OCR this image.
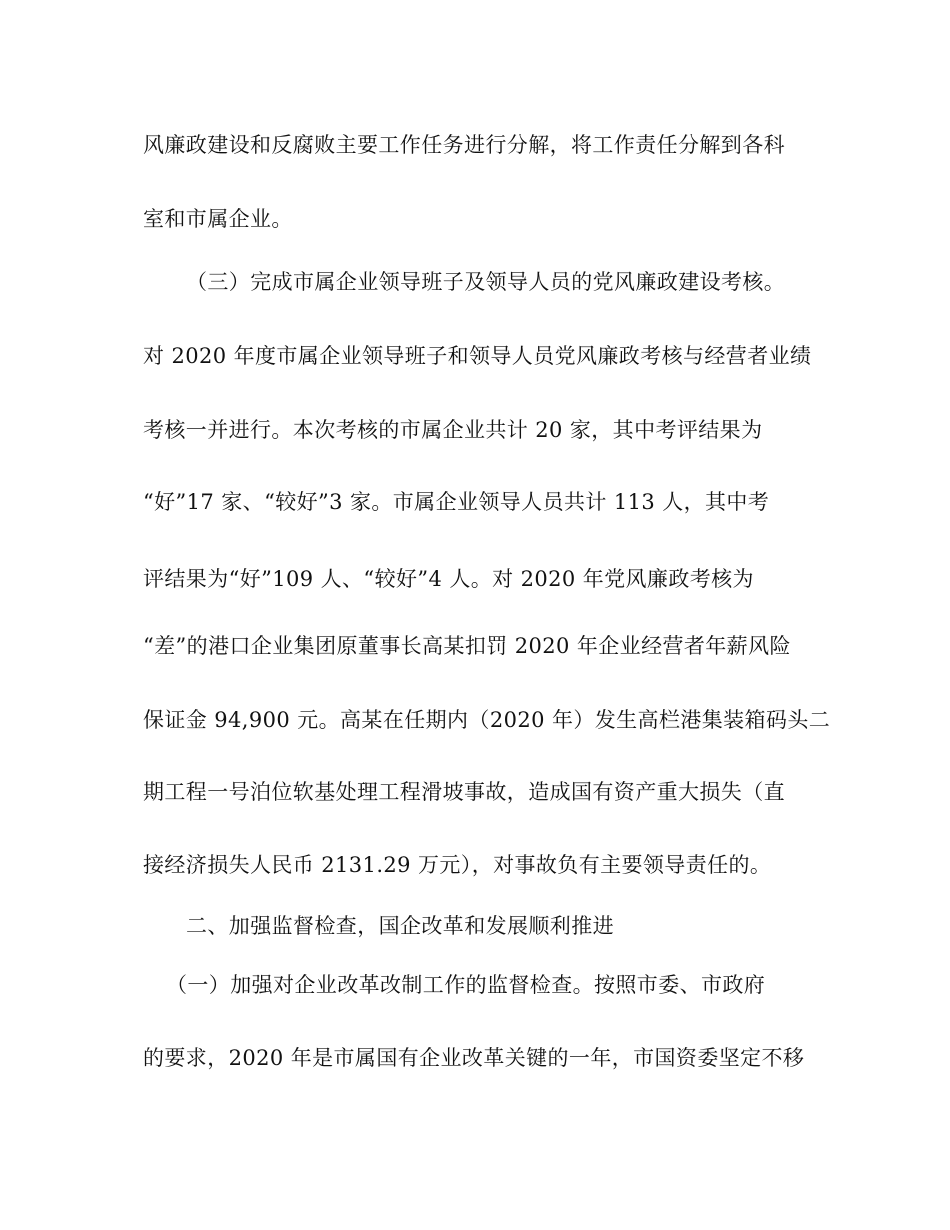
风廉政建设和反腐败主要工作任务进行分解，将工作责任分解到各科
室和市属企业。
（三）完成市属企业领导班子及领导人员的党风廉政建设考核。
对 2020 年度市属企业领导班子和领导人员党风廉政考核与经营者业绩
考核一并进行。本次考核的市属企业共计 20 家，其中考评结果为
“好”17 家、“较好”3 家。市属企业领导人员共计 113 人，其中考
评结果为“好”109 人、“较好”4 人。对 2020 年党风廉政考核为
“差”的港口企业集团原董事长高某扣罚 2020 年企业经营者年薪风险
保证金 94,900 元。高某在任期内（2020 年）发生高栏港集装箱码头二
期工程一号泊位软基处理工程滑坡事故，造成国有资产重大损失（直
接经济损失人民币 2131.29 万元），对事故负有主要领导责任的。
二、加强监督检查，国企改革和发展顺利推进
（一）加强对企业改革改制工作的监督检查。按照市委、市政府
的要求，2020 年是市属国有企业改革关键的一年，市国资委坚定不移
